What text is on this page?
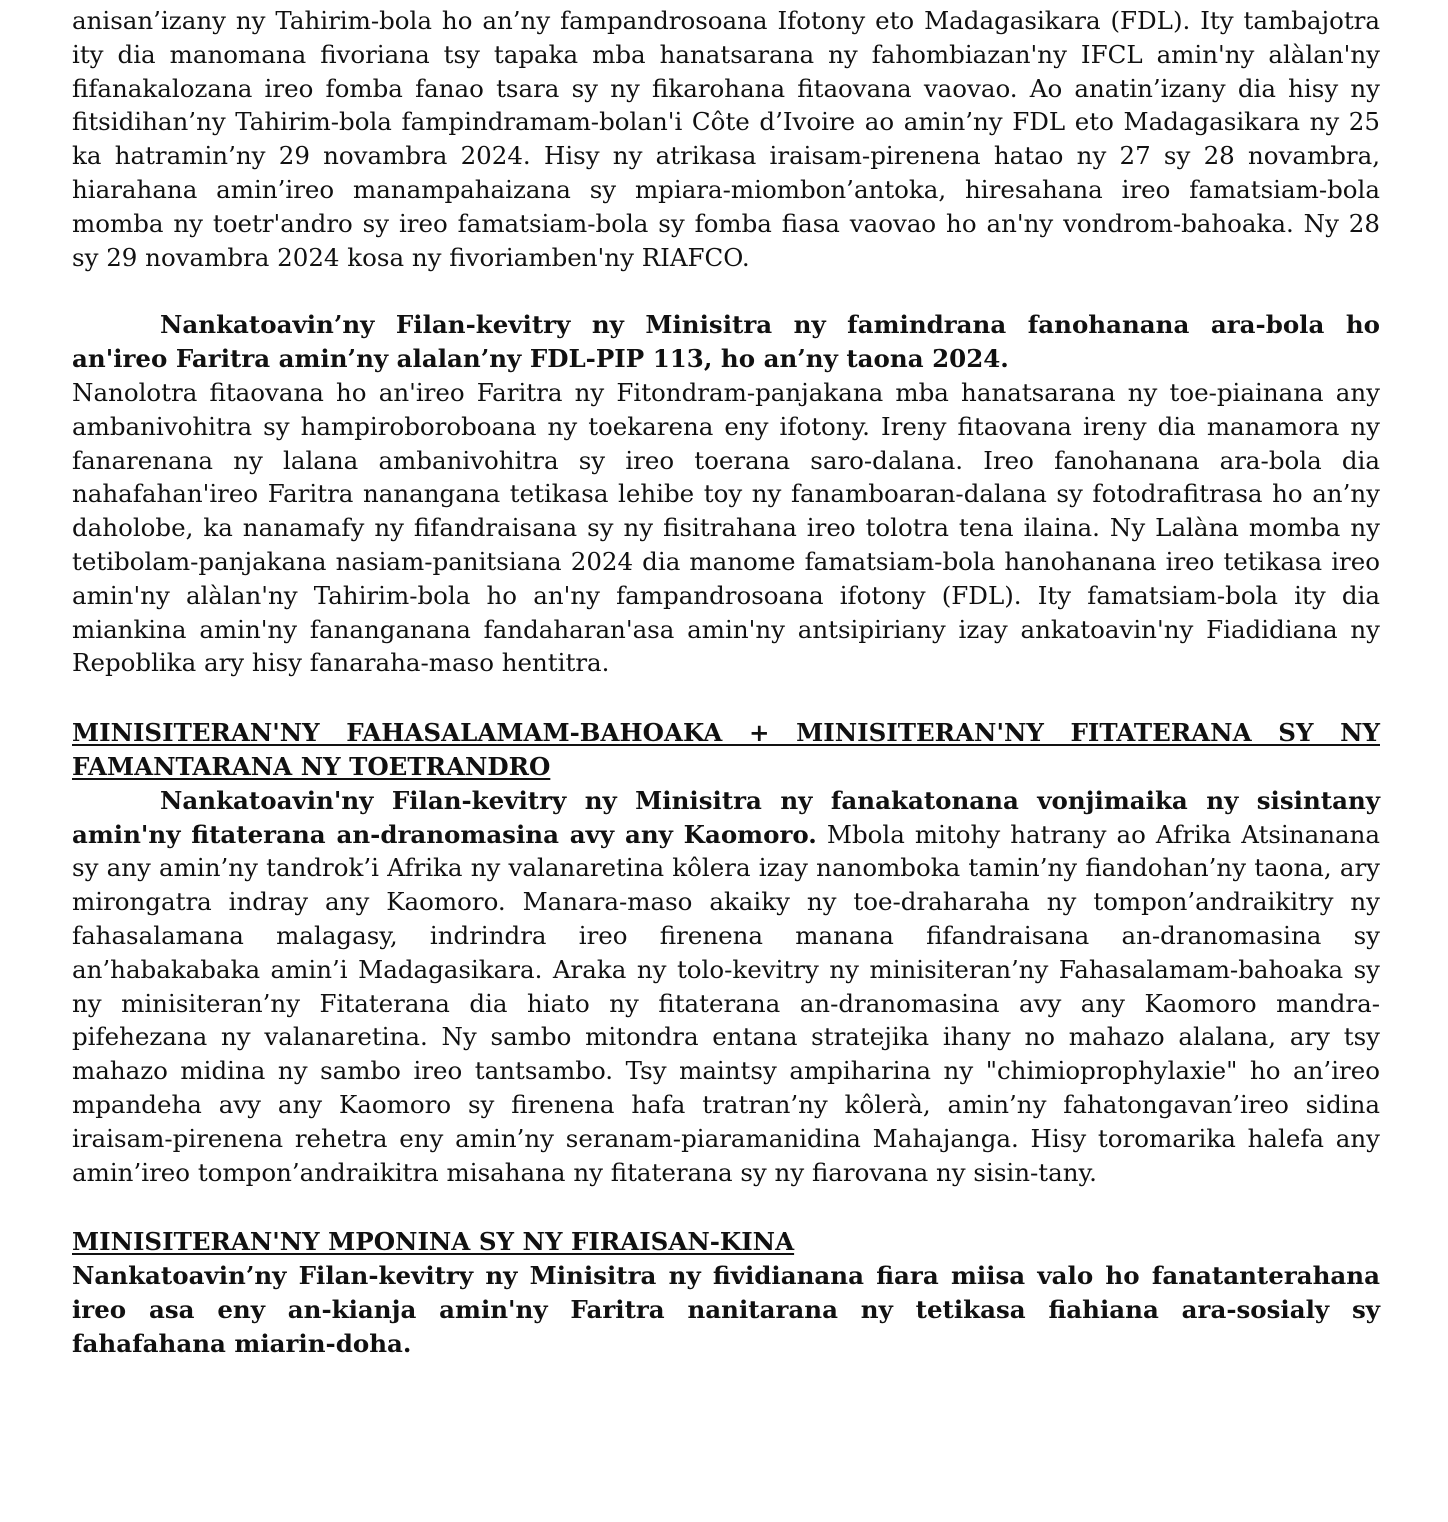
anisan’izany ny Tahirim-bola ho an’ny fampandrosoana Ifotony eto Madagasikara (FDL). Ity tambajotra ity dia manomana fivoriana tsy tapaka mba hanatsarana ny fahombiazan'ny IFCL amin'ny alàlan'ny fifanakalozana ireo fomba fanao tsara sy ny fikarohana fitaovana vaovao. Ao anatin’izany dia hisy ny fitsidihan’ny Tahirim-bola fampindramam-bolan'i Côte d’Ivoire ao amin’ny FDL eto Madagasikara ny 25 ka hatramin’ny 29 novambra 2024. Hisy ny atrikasa iraisam-pirenena hatao ny 27 sy 28 novambra, hiarahana amin’ireo manampahaizana sy mpiara-miombon’antoka, hiresahana ireo famatsiam-bola momba ny toetr'andro sy ireo famatsiam-bola sy fomba fiasa vaovao ho an'ny vondrom-bahoaka. Ny 28 sy 29 novambra 2024 kosa ny fivoriamben'ny RIAFCO.

Nankatoavin’ny Filan-kevitry ny Minisitra ny famindrana fanohanana ara-bola ho an'ireo Faritra amin’ny alalan’ny FDL-PIP 113, ho an’ny taona 2024.

Nanolotra fitaovana ho an'ireo Faritra ny Fitondram-panjakana mba hanatsarana ny toe-piainana any ambanivohitra sy hampiroboroboana ny toekarena eny ifotony. Ireny fitaovana ireny dia manamora ny fanarenana ny lalana ambanivohitra sy ireo toerana saro-dalana. Ireo fanohanana ara-bola dia nahafahan'ireo Faritra nanangana tetikasa lehibe toy ny fanamboaran-dalana sy fotodrafitrasa ho an’ny daholobe, ka nanamafy ny fifandraisana sy ny fisitrahana ireo tolotra tena ilaina. Ny Lalàna momba ny tetibolam-panjakana nasiam-panitsiana 2024 dia manome famatsiam-bola hanohanana ireo tetikasa ireo amin'ny alàlan'ny Tahirim-bola ho an'ny fampandrosoana ifotony (FDL). Ity famatsiam-bola ity dia miankina amin'ny fananganana fandaharan'asa amin'ny antsipiriany izay ankatoavin'ny Fiadidiana ny Repoblika ary hisy fanaraha-maso hentitra.

MINISITERAN'NY FAHASALAMAM-BAHOAKA + MINISITERAN'NY FITATERANA SY NY FAMANTARANA NY TOETRANDRO

Nankatoavin'ny Filan-kevitry ny Minisitra ny fanakatonana vonjimaika ny sisintany amin'ny fitaterana an-dranomasina avy any Kaomoro. Mbola mitohy hatrany ao Afrika Atsinanana sy any amin’ny tandrok’i Afrika ny valanaretina kôlera izay nanomboka tamin’ny fiandohan’ny taona, ary mirongatra indray any Kaomoro. Manara-maso akaiky ny toe-draharaha ny tompon’andraikitry ny fahasalamana malagasy, indrindra ireo firenena manana fifandraisana an-dranomasina sy an’habakabaka amin’i Madagasikara. Araka ny tolo-kevitry ny minisiteran’ny Fahasalamam-bahoaka sy ny minisiteran’ny Fitaterana dia hiato ny fitaterana an-dranomasina avy any Kaomoro mandra-pifehezana ny valanaretina. Ny sambo mitondra entana stratejika ihany no mahazo alalana, ary tsy mahazo midina ny sambo ireo tantsambo. Tsy maintsy ampiharina ny "chimioprophylaxie" ho an’ireo mpandeha avy any Kaomoro sy firenena hafa tratran’ny kôlerà, amin’ny fahatongavan’ireo sidina iraisam-pirenena rehetra eny amin’ny seranam-piaramanidina Mahajanga. Hisy toromarika halefa any amin’ireo tompon’andraikitra misahana ny fitaterana sy ny fiarovana ny sisin-tany.

MINISITERAN'NY MPONINA SY NY FIRAISAN-KINA

Nankatoavin’ny Filan-kevitry ny Minisitra ny fividianana fiara miisa valo ho fanatanterahana ireo asa eny an-kianja amin'ny Faritra nanitarana ny tetikasa fiahiana ara-sosialy sy fahafahana miarin-doha.
